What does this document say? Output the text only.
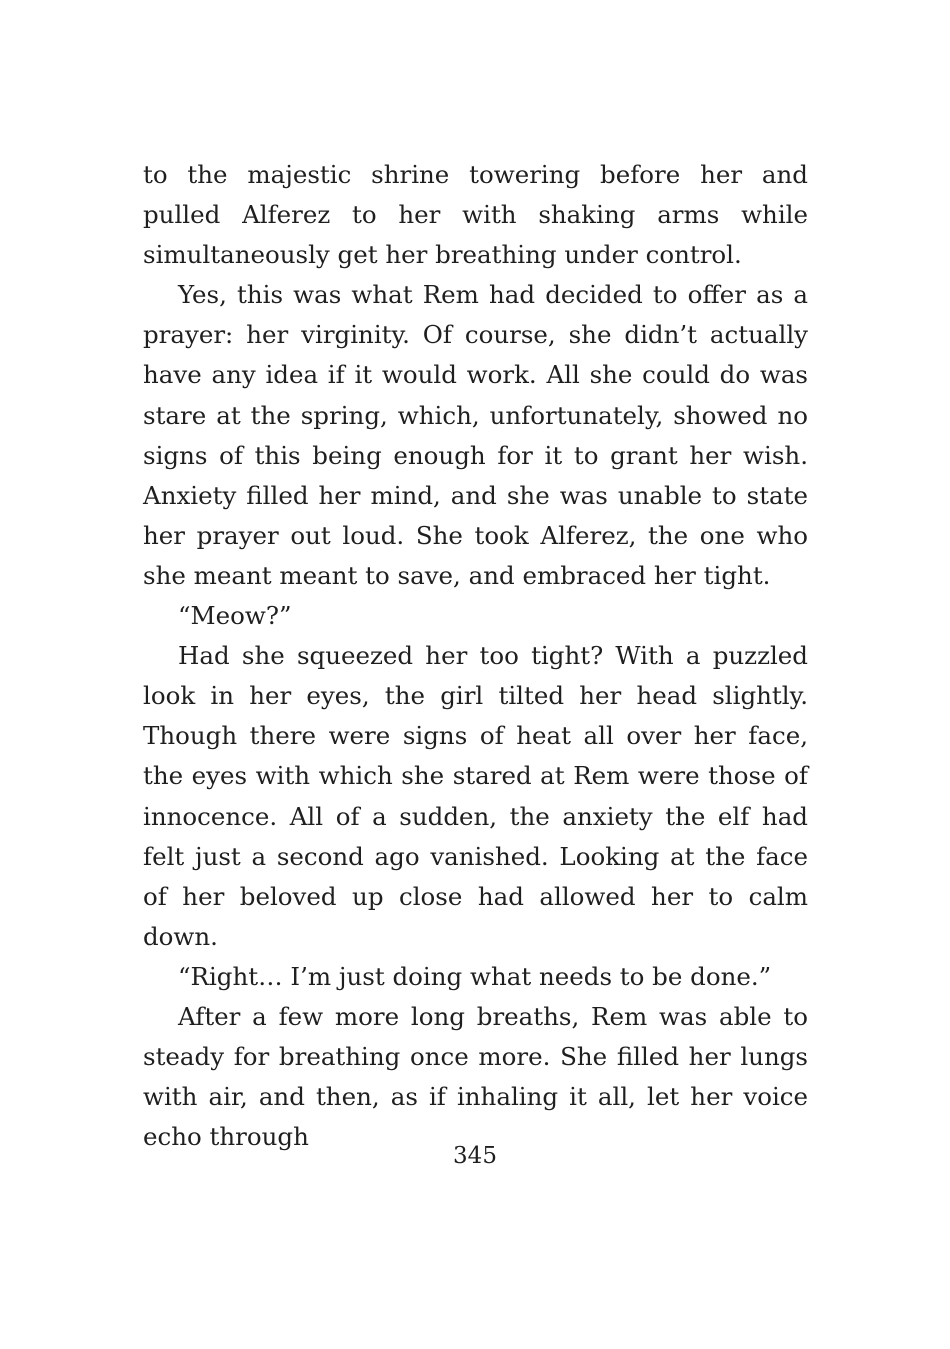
to the majestic shrine towering before her and pulled Alferez to her with shaking arms while simultaneously get her breathing under control.

Yes, this was what Rem had decided to offer as a prayer: her virginity. Of course, she didn’t actually have any idea if it would work. All she could do was stare at the spring, which, unfortunately, showed no signs of this being enough for it to grant her wish. Anxiety filled her mind, and she was unable to state her prayer out loud. She took Alferez, the one who she meant meant to save, and embraced her tight.

“Meow?”

Had she squeezed her too tight? With a puzzled look in her eyes, the girl tilted her head slightly. Though there were signs of heat all over her face, the eyes with which she stared at Rem were those of innocence. All of a sudden, the anxiety the elf had felt just a second ago vanished. Looking at the face of her beloved up close had allowed her to calm down.

“Right… I’m just doing what needs to be done.”

After a few more long breaths, Rem was able to steady for breathing once more. She filled her lungs with air, and then, as if inhaling it all, let her voice echo through

345
